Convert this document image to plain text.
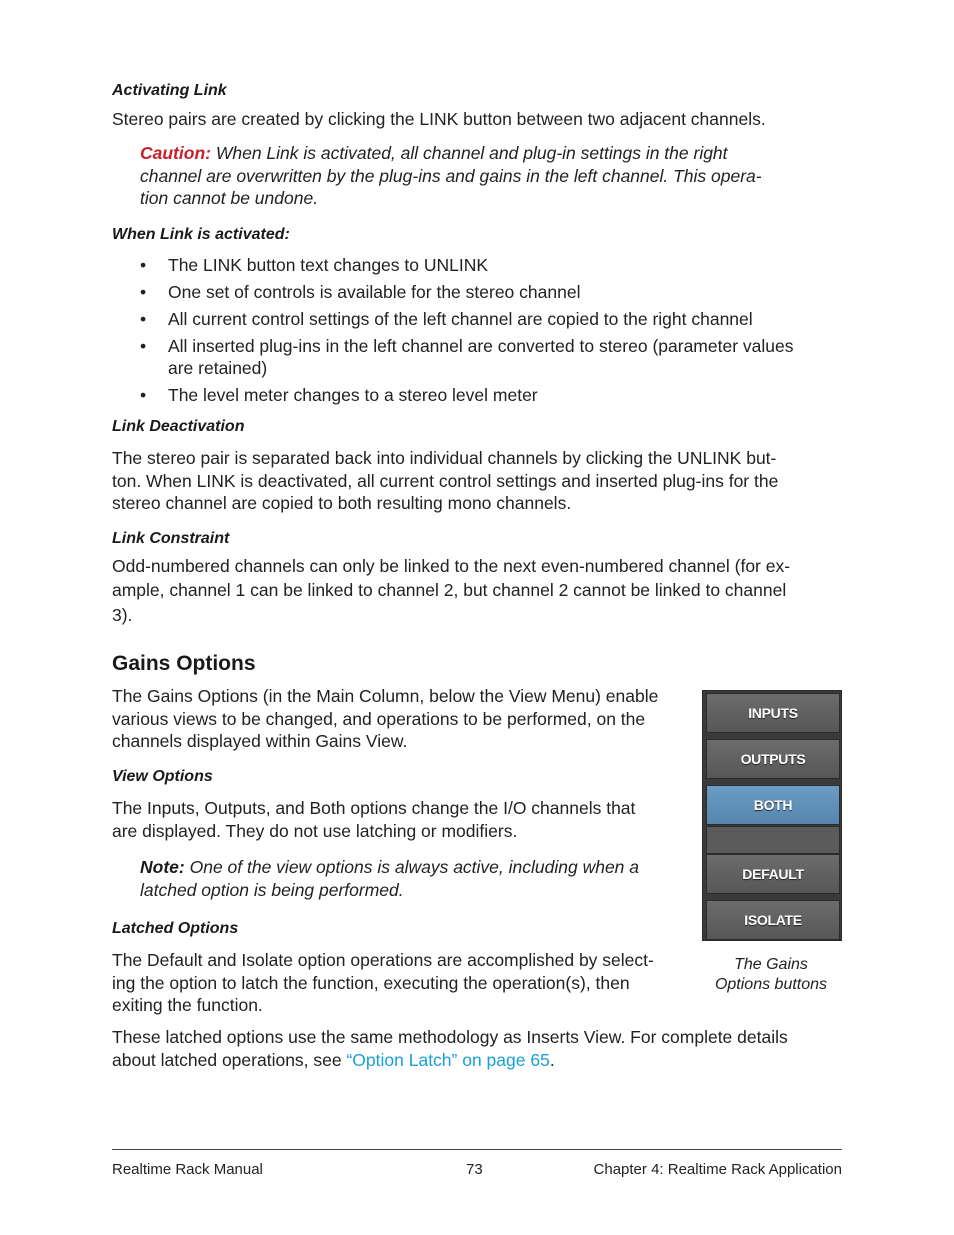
Activating Link
Stereo pairs are created by clicking the LINK button between two adjacent channels.
Caution: When Link is activated, all channel and plug-in settings in the right
channel are overwritten by the plug-ins and gains in the left channel. This opera-
tion cannot be undone.
When Link is activated:
• The LINK button text changes to UNLINK
• One set of controls is available for the stereo channel
• All current control settings of the left channel are copied to the right channel
• All inserted plug-ins in the left channel are converted to stereo (parameter values
are retained)
• The level meter changes to a stereo level meter
Link Deactivation
The stereo pair is separated back into individual channels by clicking the UNLINK but-
ton. When LINK is deactivated, all current control settings and inserted plug-ins for the
stereo channel are copied to both resulting mono channels.
Link Constraint
Odd-numbered channels can only be linked to the next even-numbered channel (for ex-
ample, channel 1 can be linked to channel 2, but channel 2 cannot be linked to channel
3).
Gains Options
The Gains Options (in the Main Column, below the View Menu) enable
various views to be changed, and operations to be performed, on the
channels displayed within Gains View.
View Options
The Inputs, Outputs, and Both options change the I/O channels that
are displayed. They do not use latching or modifiers.
Note: One of the view options is always active, including when a
latched option is being performed.
Latched Options
The Default and Isolate option operations are accomplished by select-
ing the option to latch the function, executing the operation(s), then
exiting the function.
These latched options use the same methodology as Inserts View. For complete details
about latched operations, see “Option Latch” on page 65.
INPUTS
OUTPUTS
BOTH
DEFAULT
ISOLATE
The Gains
Options buttons
Realtime Rack Manual	73	Chapter 4: Realtime Rack Application
